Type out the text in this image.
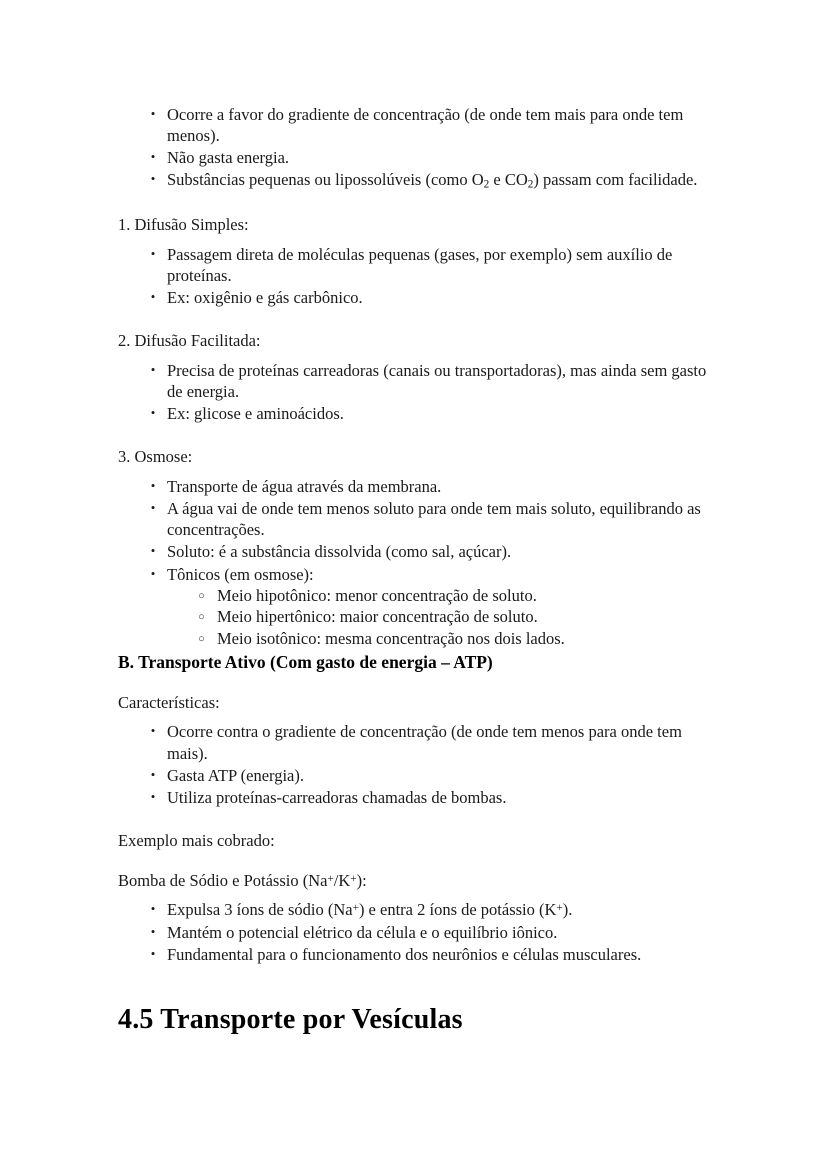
• Ocorre a favor do gradiente de concentração (de onde tem mais para onde tem menos).
• Não gasta energia.
• Substâncias pequenas ou lipossolúveis (como $O_2$ e $CO_2$) passam com facilidade.

1. Difusão Simples:

• Passagem direta de moléculas pequenas (gases, por exemplo) sem auxílio de proteínas.
• Ex: oxigênio e gás carbônico.

2. Difusão Facilitada:

• Precisa de proteínas carreadoras (canais ou transportadoras), mas ainda sem gasto de energia.
• Ex: glicose e aminoácidos.

3. Osmose:

• Transporte de água através da membrana.
• A água vai de onde tem menos soluto para onde tem mais soluto, equilibrando as concentrações.
• Soluto: é a substância dissolvida (como sal, açúcar).
• Tônicos (em osmose):
○ Meio hipotônico: menor concentração de soluto.
○ Meio hipertônico: maior concentração de soluto.
○ Meio isotônico: mesma concentração nos dois lados.

B. Transporte Ativo (Com gasto de energia – ATP)

Características:

• Ocorre contra o gradiente de concentração (de onde tem menos para onde tem mais).
• Gasta ATP (energia).
• Utiliza proteínas-carreadoras chamadas de bombas.

Exemplo mais cobrado:

Bomba de Sódio e Potássio (Na+/K+):

• Expulsa 3 íons de sódio (Na+) e entra 2 íons de potássio (K+).
• Mantém o potencial elétrico da célula e o equilíbrio iônico.
• Fundamental para o funcionamento dos neurônios e células musculares.
4.5 Transporte por Vesículas
